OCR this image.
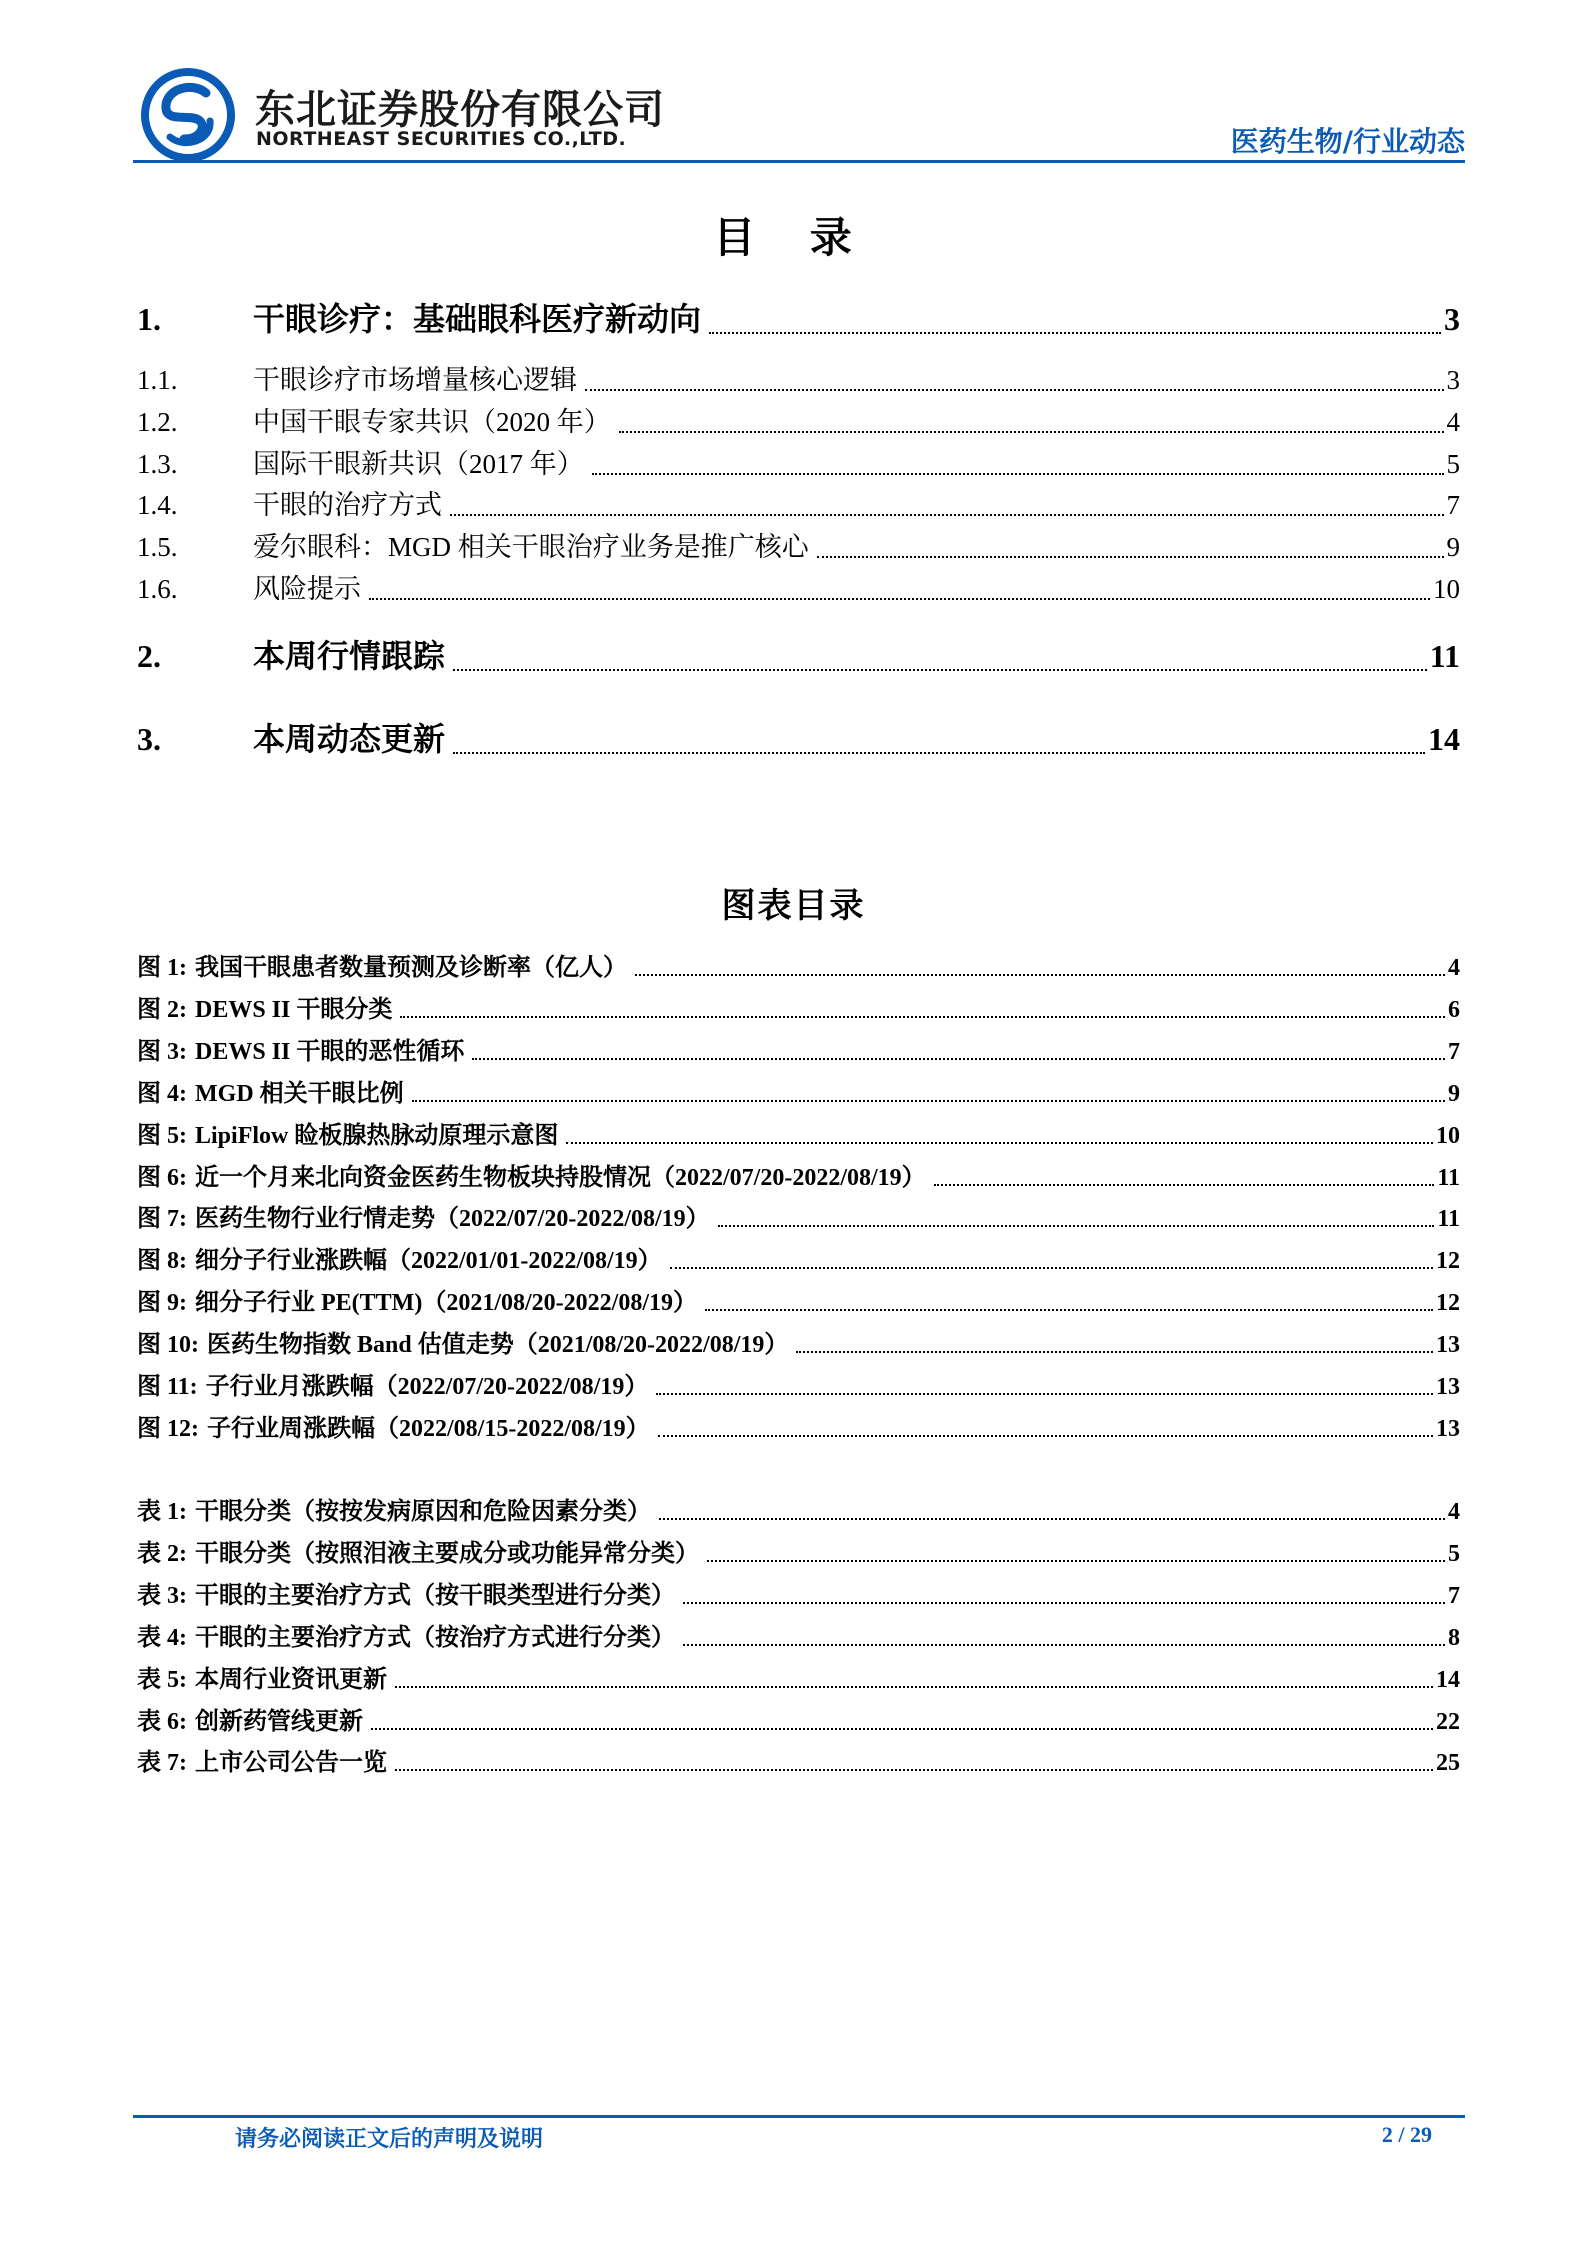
东北证券股份有限公司
NORTHEAST SECURITIES CO.,LTD.	医药生物/行业动态
目 录
1.	干眼诊疗：基础眼科医疗新动向	3
1.1.	干眼诊疗市场增量核心逻辑	3
1.2.	中国干眼专家共识（2020 年）	4
1.3.	国际干眼新共识（2017 年）	5
1.4.	干眼的治疗方式	7
1.5.	爱尔眼科：MGD 相关干眼治疗业务是推广核心	9
1.6.	风险提示	10
2.	本周行情跟踪	11
3.	本周动态更新	14
图表目录
图 1: 我国干眼患者数量预测及诊断率（亿人）	4
图 2: DEWS II 干眼分类	6
图 3: DEWS II 干眼的恶性循环	7
图 4: MGD 相关干眼比例	9
图 5: LipiFlow 睑板腺热脉动原理示意图	10
图 6: 近一个月来北向资金医药生物板块持股情况（2022/07/20-2022/08/19）	11
图 7: 医药生物行业行情走势（2022/07/20-2022/08/19）	11
图 8: 细分子行业涨跌幅（2022/01/01-2022/08/19）	12
图 9: 细分子行业 PE(TTM)（2021/08/20-2022/08/19）	12
图 10: 医药生物指数 Band 估值走势（2021/08/20-2022/08/19）	13
图 11: 子行业月涨跌幅（2022/07/20-2022/08/19）	13
图 12: 子行业周涨跌幅（2022/08/15-2022/08/19）	13
表 1: 干眼分类（按按发病原因和危险因素分类）	4
表 2: 干眼分类（按照泪液主要成分或功能异常分类）	5
表 3: 干眼的主要治疗方式（按干眼类型进行分类）	7
表 4: 干眼的主要治疗方式（按治疗方式进行分类）	8
表 5: 本周行业资讯更新	14
表 6: 创新药管线更新	22
表 7: 上市公司公告一览	25
请务必阅读正文后的声明及说明	2 / 29
